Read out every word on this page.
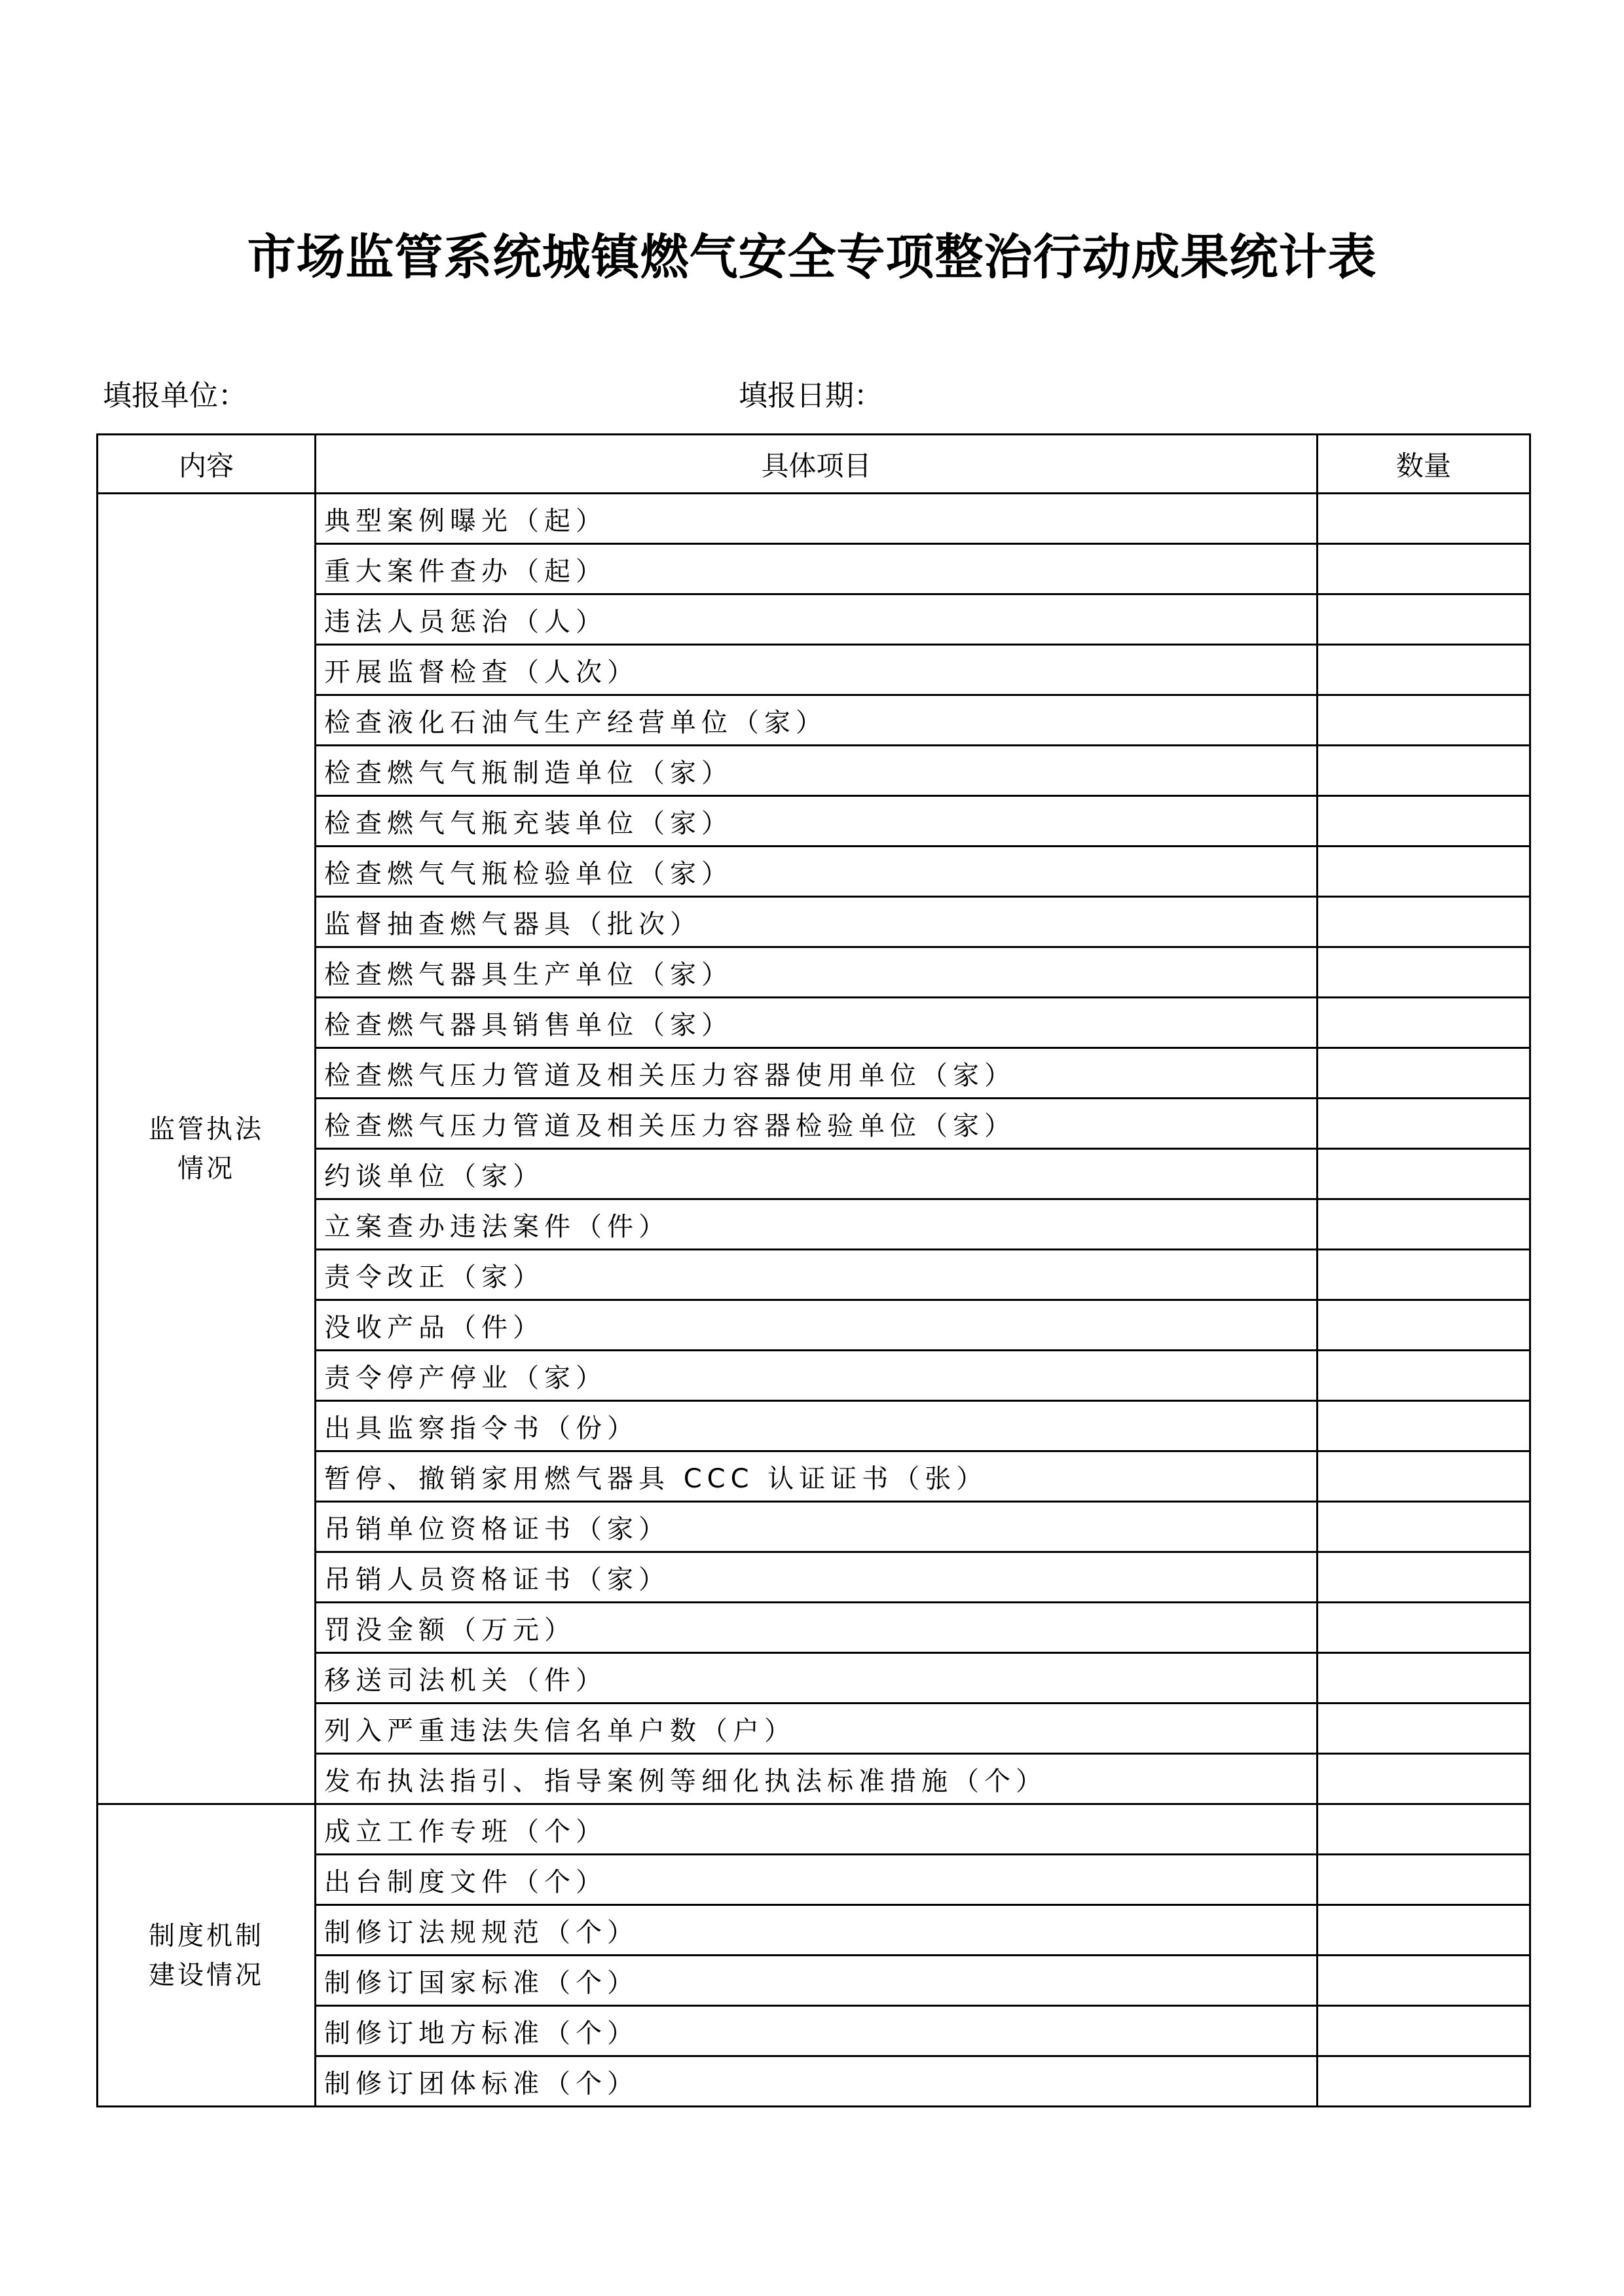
市场监管系统城镇燃气安全专项整治行动成果统计表
填报单位：	填报日期：
内容	具体项目	数量

监管执法
情况	典型案例曝光（起）	
	重大案件查办（起）	
	违法人员惩治（人）	
	开展监督检查（人次）	
	检查液化石油气生产经营单位（家）	
	检查燃气气瓶制造单位（家）	
	检查燃气气瓶充装单位（家）	
	检查燃气气瓶检验单位（家）	
	监督抽查燃气器具（批次）	
	检查燃气器具生产单位（家）	
	检查燃气器具销售单位（家）	
	检查燃气压力管道及相关压力容器使用单位（家）	
	检查燃气压力管道及相关压力容器检验单位（家）	
	约谈单位（家）	
	立案查办违法案件（件）	
	责令改正（家）	
	没收产品（件）	
	责令停产停业（家）	
	出具监察指令书（份）	
	暂停、撤销家用燃气器具 CCC 认证证书（张）	
	吊销单位资格证书（家）	
	吊销人员资格证书（家）	
	罚没金额（万元）	
	移送司法机关（件）	
	列入严重违法失信名单户数（户）	
	发布执法指引、指导案例等细化执法标准措施（个）	

制度机制
建设情况	成立工作专班（个）	
	出台制度文件（个）	
	制修订法规规范（个）	
	制修订国家标准（个）	
	制修订地方标准（个）	
	制修订团体标准（个）	
